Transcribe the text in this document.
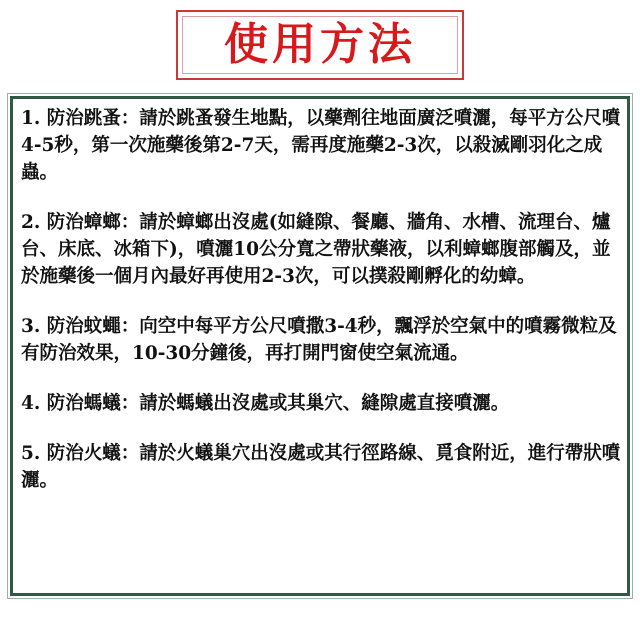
使用方法
1. 防治跳蚤：請於跳蚤發生地點，以藥劑往地面廣泛噴灑，每平方公尺噴4-5秒，第一次施藥後第2-7天，需再度施藥2-3次，以殺滅剛羽化之成蟲。
2. 防治蟑螂：請於蟑螂出沒處(如縫隙、餐廳、牆角、水槽、流理台、爐台、床底、冰箱下)，噴灑10公分寬之帶狀藥液，以利蟑螂腹部觸及，並於施藥後一個月內最好再使用2-3次，可以撲殺剛孵化的幼蟑。
3. 防治蚊蠅：向空中每平方公尺噴撒3-4秒，飄浮於空氣中的噴霧微粒及有防治效果，10-30分鐘後，再打開門窗使空氣流通。
4. 防治螞蟻：請於螞蟻出沒處或其巢穴、縫隙處直接噴灑。
5. 防治火蟻：請於火蟻巢穴出沒處或其行徑路線、覓食附近，進行帶狀噴灑。
